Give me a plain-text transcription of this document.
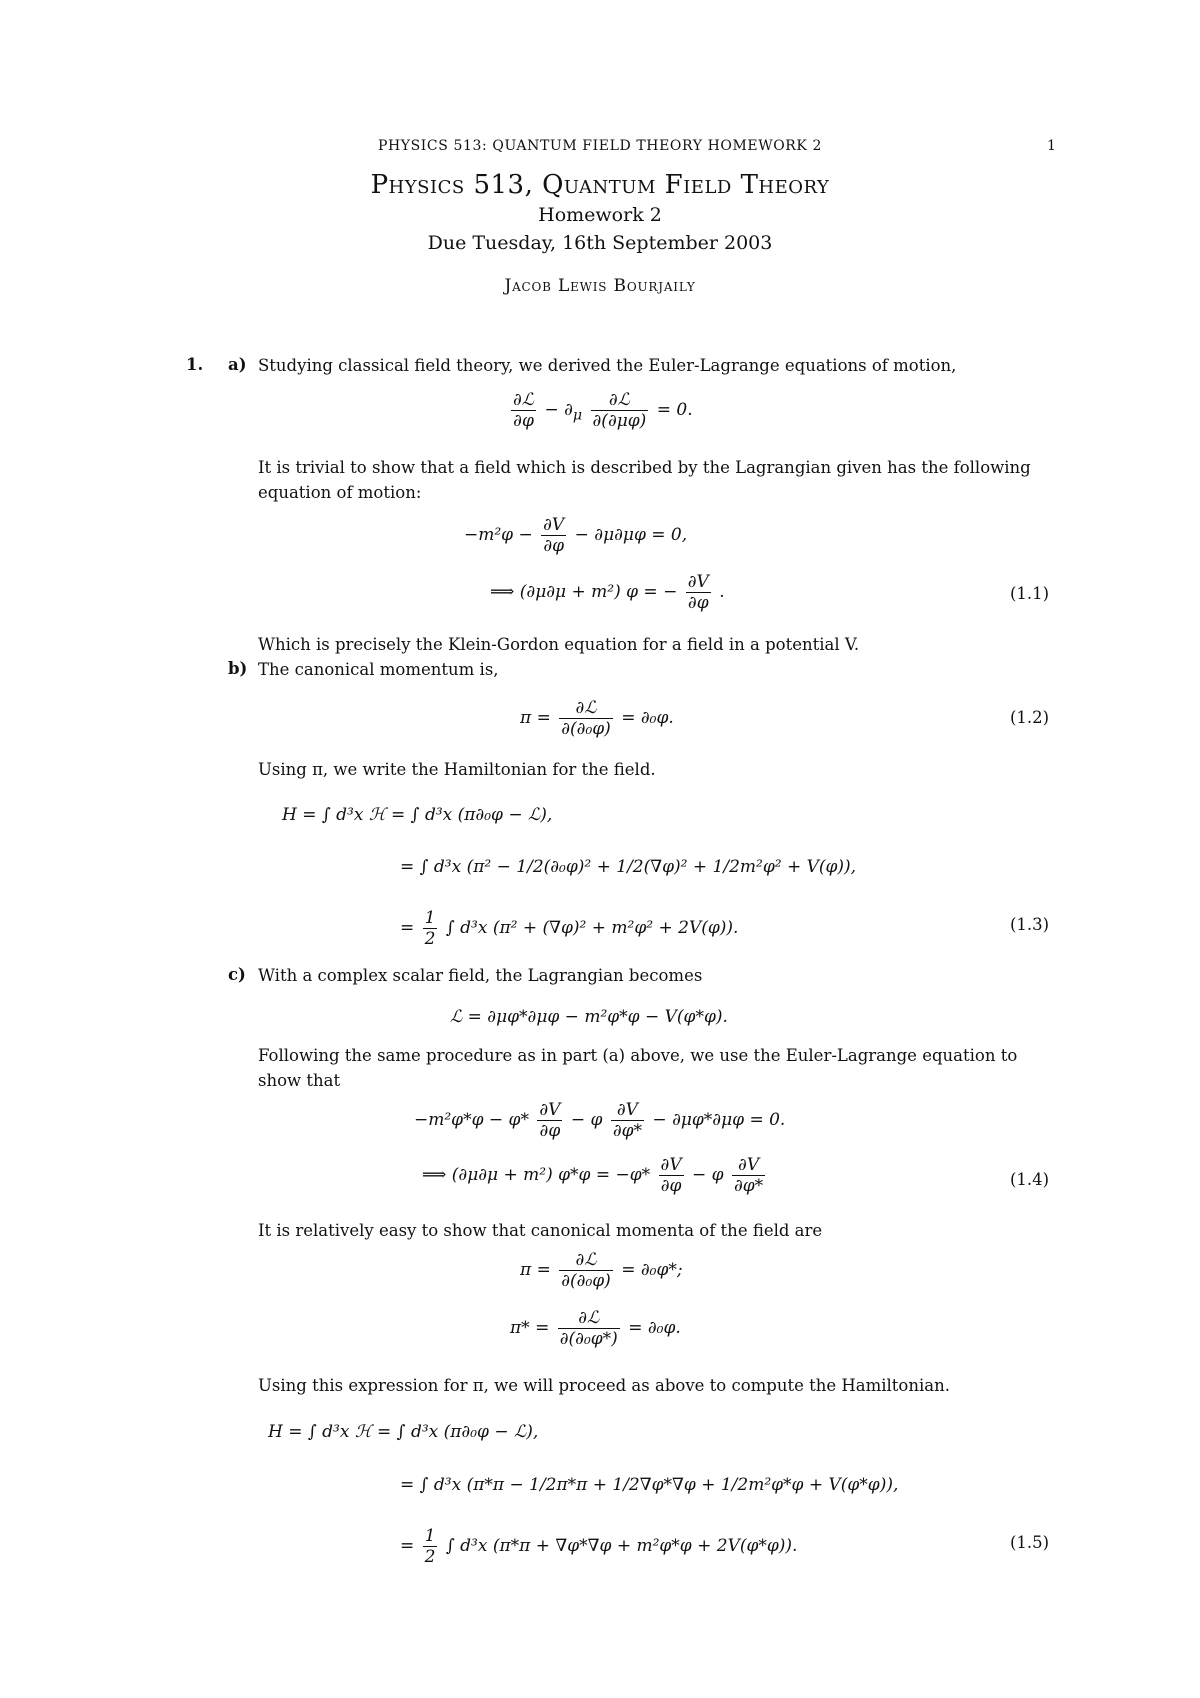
PHYSICS 513: QUANTUM FIELD THEORY HOMEWORK 2	1
Physics 513, Quantum Field Theory
Homework 2
Due Tuesday, 16th September 2003
Jacob Lewis Bourjaily
1. a) Studying classical field theory, we derived the Euler-Lagrange equations of motion,
$\frac{\text{∂ℒ}}{\partial\varphi} - \partial_\mu \frac{\text{∂ℒ}}{\partial(\partial\mu\varphi)} = 0$.
It is trivial to show that a field which is described by the Lagrangian given has the following equation of motion:
$-m^2\varphi - \frac{\partial V}{\partial\varphi} - \partial\mu\partial\mu\varphi = 0$,
⟹ (∂μ∂μ + m²) φ = − $\frac{\partial V}{\partial\varphi}$ .	(1.1)
Which is precisely the Klein-Gordon equation for a field in a potential V.
b) The canonical momentum is,
$\pi = \frac{\text{∂ℒ}}{\text{∂(∂₀φ)}} = \partial_0\varphi$.	(1.2)
Using π, we write the Hamiltonian for the field.
H = ∫ d³x ℋ = ∫ d³x (π∂₀φ − ℒ),
= ∫ d³x (π² − 1/2(∂₀φ)² + 1/2(∇φ)² + 1/2m²φ² + V(φ)),
= $\frac{1}{2}$ ∫ d³x (π² + (∇φ)² + m²φ² + 2V(φ)).	(1.3)
c) With a complex scalar field, the Lagrangian becomes
ℒ = ∂μφ*∂μφ − m²φ*φ − V(φ*φ).
Following the same procedure as in part (a) above, we use the Euler-Lagrange equation to show that
$-m^2\varphi*\varphi - \varphi* \frac{\partial V}{\partial\varphi} - \varphi \frac{\partial V}{\partial\varphi*} - \partial\mu\varphi*\partial\mu\varphi = 0$.
⟹ (∂μ∂μ + m²) $\varphi*\varphi = -\varphi* \frac{\partial V}{\partial\varphi} - \varphi \frac{\partial V}{\partial\varphi*}$	(1.4)
It is relatively easy to show that canonical momenta of the field are
$\pi = \frac{\text{∂ℒ}}{\text{∂(∂₀φ)}} = \partial_0\varphi*$;
$\pi* = \frac{\text{∂ℒ}}{\text{∂(∂₀φ*)}} = \partial_0\varphi$.
Using this expression for π, we will proceed as above to compute the Hamiltonian.
H = ∫ d³x ℋ = ∫ d³x (π∂₀φ − ℒ),
= ∫ d³x (π*π − 1/2π*π + 1/2∇φ*∇φ + 1/2m²φ*φ + V(φ*φ)),
= $\frac{1}{2}$ ∫ d³x (π*π + ∇φ*∇φ + m²φ*φ + 2V(φ*φ)).	(1.5)
